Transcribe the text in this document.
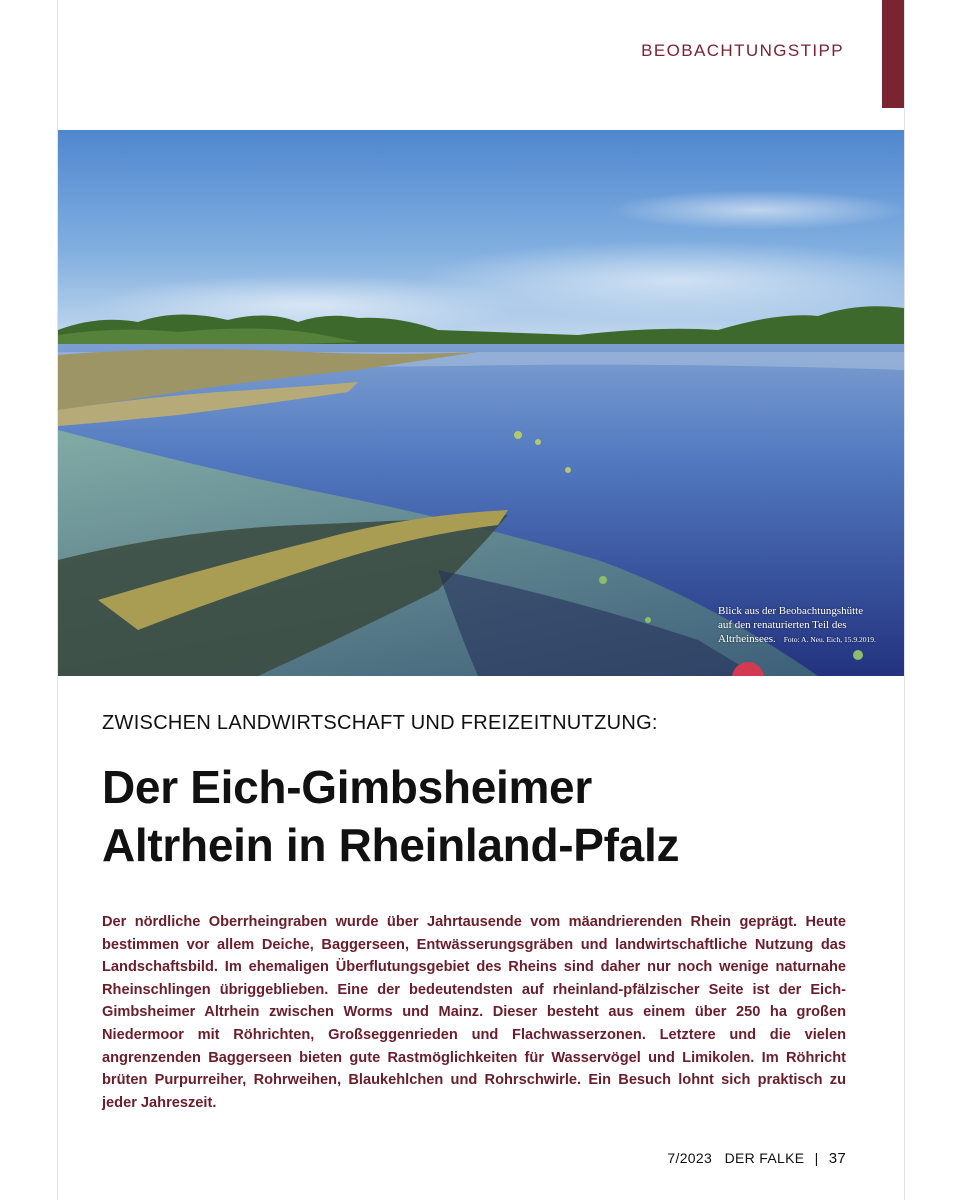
BEOBACHTUNGSTIPP
Blick aus der Beobachtungshütte auf den renaturierten Teil des Altrheinsees. Foto: A. Neu. Eich, 15.9.2019.
ZWISCHEN LANDWIRTSCHAFT UND FREIZEITNUTZUNG:
Der Eich-Gimbsheimer
Altrhein in Rheinland-Pfalz

Der nördliche Oberrheingraben wurde über Jahrtausende vom mäandrierenden Rhein geprägt. Heute bestimmen vor allem Deiche, Baggerseen, Entwässerungsgräben und landwirtschaftliche Nutzung das Landschaftsbild. Im ehemaligen Überflutungsgebiet des Rheins sind daher nur noch wenige naturnahe Rheinschlingen übriggeblieben. Eine der bedeutendsten auf rheinland-pfälzischer Seite ist der Eich-Gimbsheimer Altrhein zwischen Worms und Mainz. Dieser besteht aus einem über 250 ha großen Niedermoor mit Röhrichten, Großseggenrieden und Flachwasserzonen. Letztere und die vielen angrenzenden Baggerseen bieten gute Rastmöglichkeiten für Wasservögel und Limikolen. Im Röhricht brüten Purpurreiher, Rohrweihen, Blaukehlchen und Rohrschwirle. Ein Besuch lohnt sich praktisch zu jeder Jahreszeit.

7/2023 DER FALKE | 37
